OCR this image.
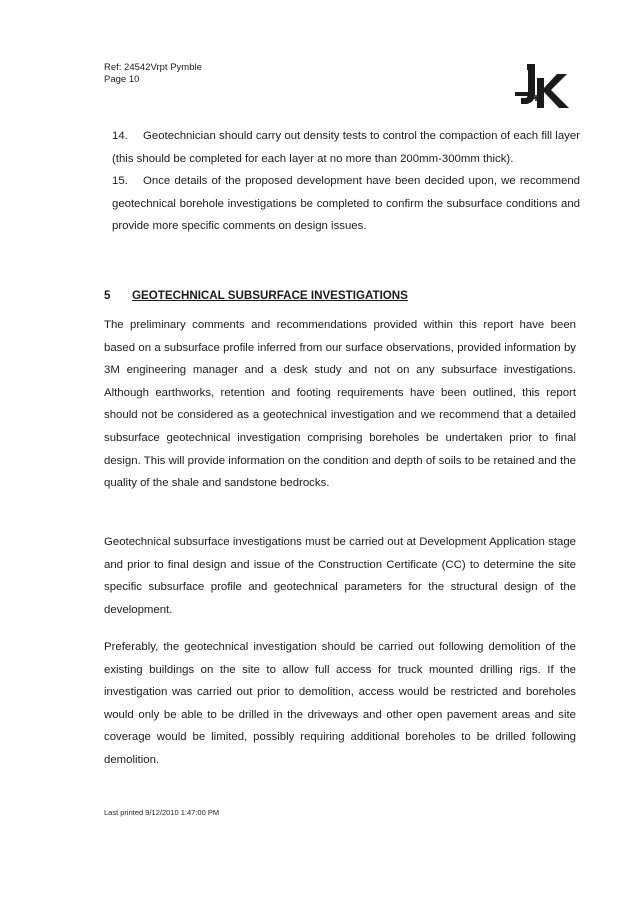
Ref: 24542Vrpt Pymble
Page 10
14.	Geotechnician should carry out density tests to control the compaction of each fill layer (this should be completed for each layer at no more than 200mm-300mm thick).
15.	Once details of the proposed development have been decided upon, we recommend geotechnical borehole investigations be completed to confirm the subsurface conditions and provide more specific comments on design issues.
5 GEOTECHNICAL SUBSURFACE INVESTIGATIONS
The preliminary comments and recommendations provided within this report have been based on a subsurface profile inferred from our surface observations, provided information by 3M engineering manager and a desk study and not on any subsurface investigations. Although earthworks, retention and footing requirements have been outlined, this report should not be considered as a geotechnical investigation and we recommend that a detailed subsurface geotechnical investigation comprising boreholes be undertaken prior to final design. This will provide information on the condition and depth of soils to be retained and the quality of the shale and sandstone bedrocks.
Geotechnical subsurface investigations must be carried out at Development Application stage and prior to final design and issue of the Construction Certificate (CC) to determine the site specific subsurface profile and geotechnical parameters for the structural design of the development.
Preferably, the geotechnical investigation should be carried out following demolition of the existing buildings on the site to allow full access for truck mounted drilling rigs. If the investigation was carried out prior to demolition, access would be restricted and boreholes would only be able to be drilled in the driveways and other open pavement areas and site coverage would be limited, possibly requiring additional boreholes to be drilled following demolition.
Last printed 9/12/2010 1:47:00 PM
